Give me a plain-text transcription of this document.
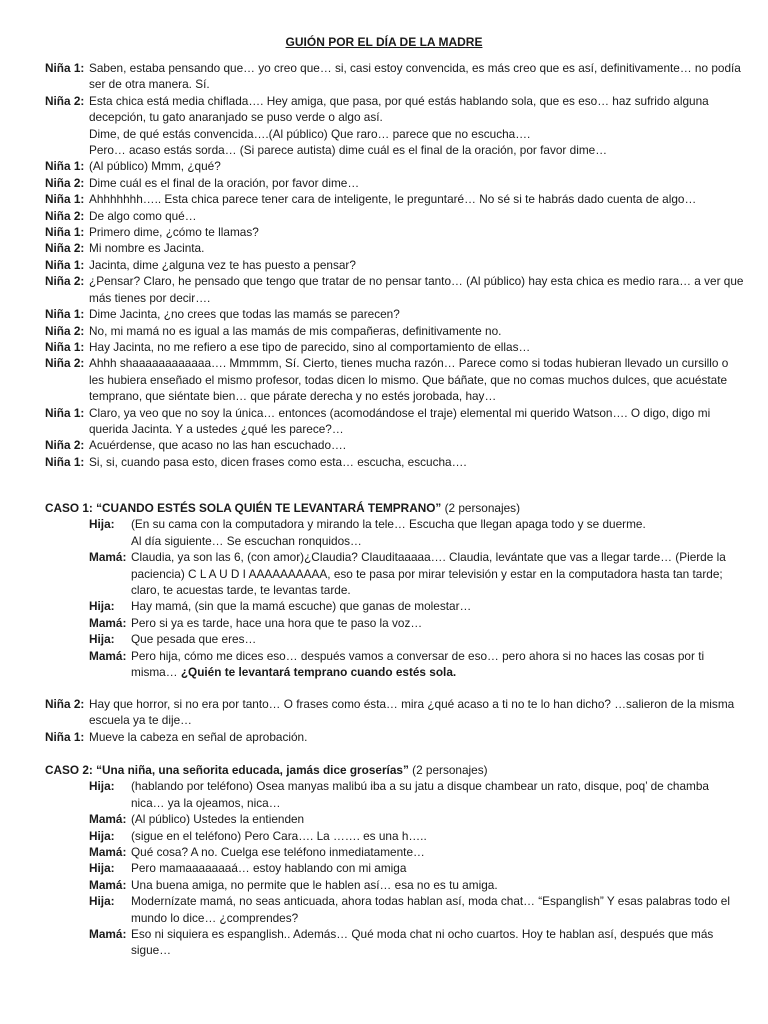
GUIÓN POR EL DÍA DE LA MADRE
Niña 1: Saben, estaba pensando que… yo creo que… si, casi estoy convencida, es más creo que es así, definitivamente… no podía ser de otra manera. Sí.
Niña 2: Esta chica está media chiflada…. Hey amiga, que pasa, por qué estás hablando sola, que es eso… haz sufrido alguna decepción, tu gato anaranjado se puso verde o algo así.
Dime, de qué estás convencida….(Al público) Que raro… parece que no escucha….
Pero… acaso estás sorda… (Si parece autista) dime cuál es el final de la oración, por favor dime…
Niña 1: (Al público) Mmm, ¿qué?
Niña 2: Dime cuál es el final de la oración, por favor dime…
Niña 1: Ahhhhhhh….. Esta chica parece tener cara de inteligente, le preguntaré… No sé si te habrás dado cuenta de algo…
Niña 2: De algo como qué…
Niña 1: Primero dime, ¿cómo te llamas?
Niña 2: Mi nombre es Jacinta.
Niña 1: Jacinta, dime ¿alguna vez te has puesto a pensar?
Niña 2: ¿Pensar? Claro, he pensado que tengo que tratar de no pensar tanto… (Al público) hay esta chica es medio rara… a ver que más tienes por decir….
Niña 1: Dime Jacinta, ¿no crees que todas las mamás se parecen?
Niña 2: No, mi mamá no es igual a las mamás de mis compañeras, definitivamente no.
Niña 1: Hay Jacinta, no me refiero a ese tipo de parecido, sino al comportamiento de ellas…
Niña 2: Ahhh shaaaaaaaaaaaa…. Mmmmm, Sí. Cierto, tienes mucha razón… Parece como si todas hubieran llevado un cursillo o les hubiera enseñado el mismo profesor, todas dicen lo mismo. Que báñate, que no comas muchos dulces, que acuéstate temprano, que siéntate bien… que párate derecha y no estés jorobada, hay…
Niña 1: Claro, ya veo que no soy la única… entonces (acomodándose el traje) elemental mi querido Watson…. O digo, digo mi querida Jacinta. Y a ustedes ¿qué les parece?…
Niña 2: Acuérdense, que acaso no las han escuchado….
Niña 1: Si, si, cuando pasa esto, dicen frases como esta… escucha, escucha….
CASO 1: “CUANDO ESTÉS SOLA QUIÉN TE LEVANTARÁ TEMPRANO” (2 personajes)
Hija:	(En su cama con la computadora y mirando la tele… Escucha que llegan apaga todo y se duerme.
Al día siguiente… Se escuchan ronquidos…
Mamá: Claudia, ya son las 6, (con amor)¿Claudia? Clauditaaaaa…. Claudia, levántate que vas a llegar tarde… (Pierde la paciencia) C L A U D I AAAAAAAAAA, eso te pasa por mirar televisión y estar en la computadora hasta tan tarde; claro, te acuestas tarde, te levantas tarde.
Hija:	Hay mamá, (sin que la mamá escuche) que ganas de molestar…
Mamá: Pero si ya es tarde, hace una hora que te paso la voz…
Hija:	Que pesada que eres…
Mamá: Pero hija, cómo me dices eso… después vamos a conversar de eso… pero ahora si no haces las cosas por ti misma… ¿Quién te levantará temprano cuando estés sola.
Niña 2: Hay que horror, si no era por tanto… O frases como ésta… mira ¿qué acaso a ti no te lo han dicho? …salieron de la misma escuela ya te dije…
Niña 1: Mueve la cabeza en señal de aprobación.
CASO 2: “Una niña, una señorita educada, jamás dice groserías” (2 personajes)
Hija:	(hablando por teléfono) Osea manyas malibú iba a su jatu a disque chambear un rato, disque, poq’ de chamba nica… ya la ojeamos, nica…
Mamá: (Al público) Ustedes la entienden
Hija:	(sigue en el teléfono) Pero Cara…. La ……. es una h…..
Mamá: Qué cosa? A no. Cuelga ese teléfono inmediatamente…
Hija:	Pero mamaaaaaaaá… estoy hablando con mi amiga
Mamá: Una buena amiga, no permite que le hablen así… esa no es tu amiga.
Hija:	Modernízate mamá, no seas anticuada, ahora todas hablan así, moda chat… “Espanglish” Y esas palabras todo el mundo lo dice… ¿comprendes?
Mamá: Eso ni siquiera es espanglish.. Además… Qué moda chat ni ocho cuartos. Hoy te hablan así, después que más sigue…
